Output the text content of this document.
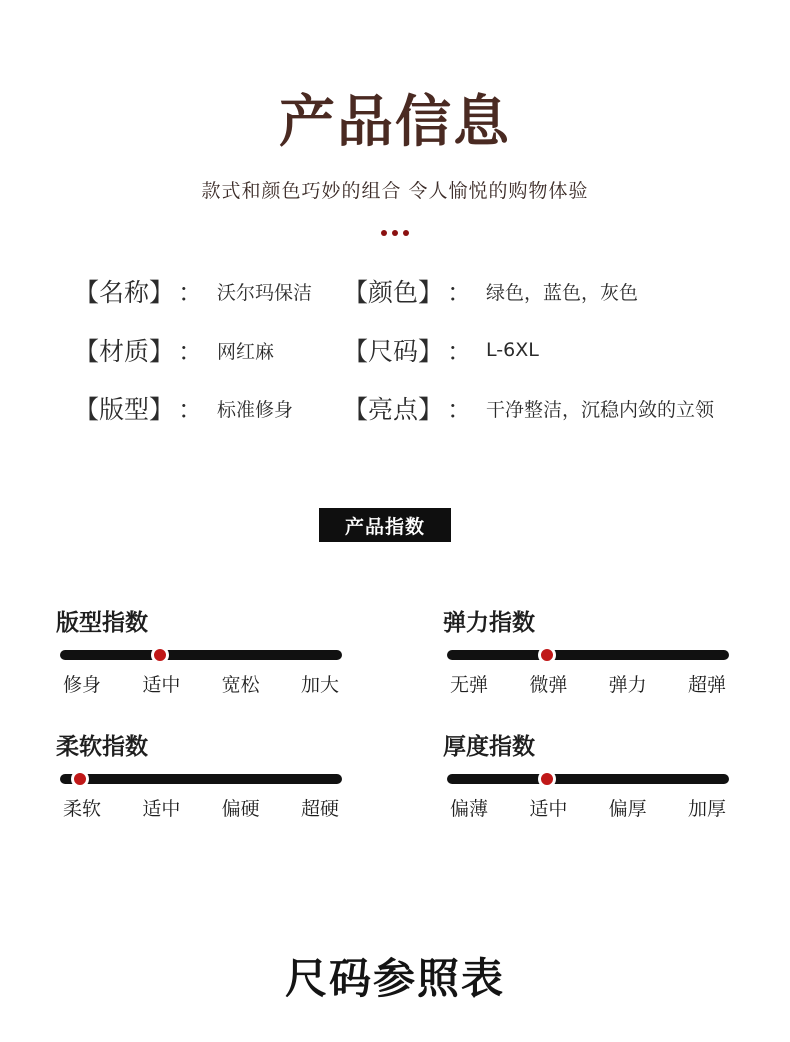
产品信息
款式和颜色巧妙的组合 令人愉悦的购物体验
【名称】 ： 沃尔玛保洁 【颜色】 ： 绿色，蓝色，灰色
【材质】 ： 网红麻	【尺码】 ： L-6XL
【版型】 ： 标准修身 【亮点】 ： 干净整洁，沉稳内敛的立领
产品指数
版型指数
修身 适中 宽松 加大
弹力指数
无弹 微弹 弹力 超弹
柔软指数
柔软 适中 偏硬 超硬
厚度指数
偏薄 适中 偏厚 加厚
尺码参照表
